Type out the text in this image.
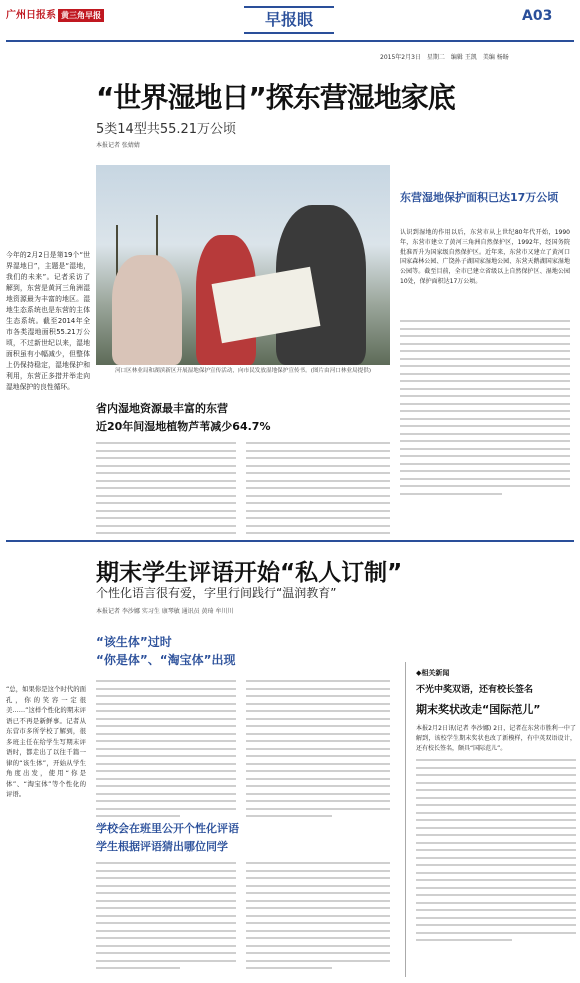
广州日报系 黄三角早报	早报眼	A03
2015年2月3日 星期二 编辑 王凯 美编 杨旸
“世界湿地日”探东营湿地家底
5类14型共55.21万公顷
本报记者 张婧婧
今年的2月2日是第19个“世界湿地日”，主题是“湿地，我们的未来”。记者采访了解到，东营是黄河三角洲湿地资源最为丰富的地区。湿地生态系统也是东营的主体生态系统。截至2014年全市各类湿地面积55.21万公顷，不过新世纪以来，湿地面积虽有小幅减少，但整体上仍保持稳定，湿地保护和利用，东营正多措并举走向湿地保护的良性循环。
河口区林业局和湖滨新区开展湿地保护宣传活动，向市民发放湿地保护宣传书。(图片由河口林业局提供)
东营湿地保护面积已达17万公顷
认识到湿地的作用以后，东营市从上世纪80年代开始，1990年，东营市建立了黄河三角洲自然保护区，1992年，经国务院批准晋升为国家级自然保护区。近年来，东营市又建立了黄河口国家森林公园、广饶孙子湖国家湿地公园、东营天鹅湖国家湿地公园等。截至目前，全市已建立省级以上自然保护区、湿地公园10处，保护面积达17万公顷。
省内湿地资源最丰富的东营
近20年间湿地植物芦苇减少64.7%
期末学生评语开始“私人订制”
个性化语言很有爱，字里行间践行“温润教育”
本报记者 李沙娜 实习生 康琴敏 通讯员 黄琦 牟川川
“该生体”过时
“你是体”、“淘宝体”出现
“总，如果你是这个时代的面孔，你的笑容一定很美……”这样个性化的期末评语已不再是新鲜事。记者从东营市多所学校了解到，很多班主任在给学生写期末评语时，都走出了以往千篇一律的“该生体”，开始从学生角度出发，使用“你是体”、“淘宝体”等个性化的评语。
学校会在班里公开个性化评语
学生根据评语猜出哪位同学
◆相关新闻
不光中奖双语，还有校长签名
期末奖状改走“国际范儿”
本报2月2日讯(记者 李沙娜) 2日，记者在东营市胜利一中了解到，该校学生期末奖状也改了新模样，有中英双语设计，还有校长签名，颇具“国际范儿”。
